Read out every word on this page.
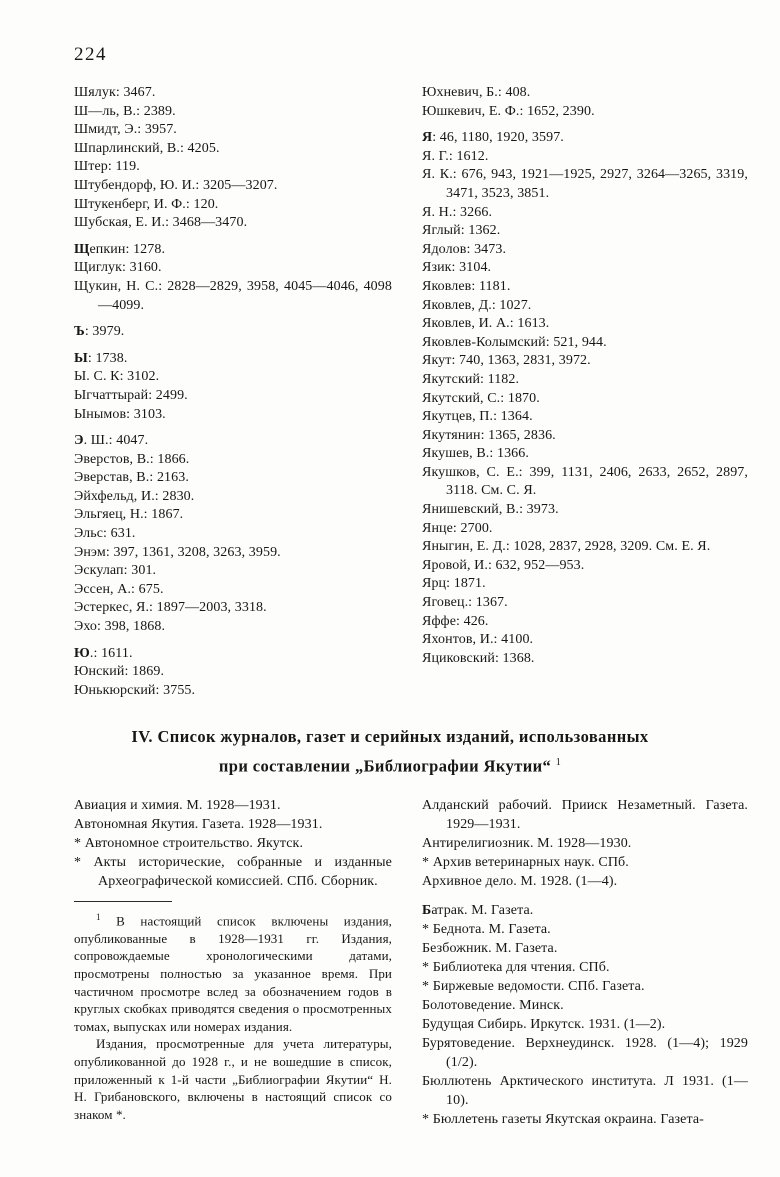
224
Шялук: 3467.
Ш—ль, В.: 2389.
Шмидт, Э.: 3957.
Шпарлинский, В.: 4205.
Штер: 119.
Штубендорф, Ю. И.: 3205—3207.
Штукенберг, И. Ф.: 120.
Шубская, Е. И.: 3468—3470.
Щепкин: 1278.
Щиглук: 3160.
Щукин, Н. С.: 2828—2829, 3958, 4045—4046, 4098—4099.
Ъ: 3979.
Ы: 1738.
Ы. С. К: 3102.
Ыгчаттырай: 2499.
Ынымов: 3103.
Э. Ш.: 4047.
Эверстов, В.: 1866.
Эверстав, В.: 2163.
Эйхфельд, И.: 2830.
Эльгяец, Н.: 1867.
Эльс: 631.
Энэм: 397, 1361, 3208, 3263, 3959.
Эскулап: 301.
Эссен, А.: 675.
Эстеркес, Я.: 1897—2003, 3318.
Эхо: 398, 1868.
Ю.: 1611.
Юнский: 1869.
Юнькюрский: 3755.
Юхневич, Б.: 408.
Юшкевич, Е. Ф.: 1652, 2390.
Я: 46, 1180, 1920, 3597.
Я. Г.: 1612.
Я. К.: 676, 943, 1921—1925, 2927, 3264—3265, 3319, 3471, 3523, 3851.
Я. Н.: 3266.
Яглый: 1362.
Ядолов: 3473.
Язик: 3104.
Яковлев: 1181.
Яковлев, Д.: 1027.
Яковлев, И. А.: 1613.
Яковлев-Колымский: 521, 944.
Якут: 740, 1363, 2831, 3972.
Якутский: 1182.
Якутский, С.: 1870.
Якутцев, П.: 1364.
Якутянин: 1365, 2836.
Якушев, В.: 1366.
Якушков, С. Е.: 399, 1131, 2406, 2633, 2652, 2897, 3118. См. С. Я.
Янишевский, В.: 3973.
Янце: 2700.
Яныгин, Е. Д.: 1028, 2837, 2928, 3209. См. Е. Я.
Яровой, И.: 632, 952—953.
Ярц: 1871.
Яговец.: 1367.
Яффе: 426.
Яхонтов, И.: 4100.
Яциковский: 1368.
IV. Список журналов, газет и серийных изданий, использованных
при составлении „Библиографии Якутии“ $^1$
Авиация и химия. М. 1928—1931.
Автономная Якутия. Газета. 1928—1931.
* Автономное строительство. Якутск.
* Акты исторические, собранные и изданные Археографической комиссией. СПб. Сборник.

$^1$ В настоящий список включены издания, опубликованные в 1928—1931 гг. Издания, сопровождаемые хронологическими датами, просмотрены полностью за указанное время. При частичном просмотре вслед за обозначением годов в круглых скобках приводятся сведения о просмотренных томах, выпусках или номерах издания.

Издания, просмотренные для учета литературы, опубликованной до 1928 г., и не вошедшие в список, приложенный к 1-й части „Библиографии Якутии“ Н. Н. Грибановского, включены в настоящий список со знаком *.

Алданский рабочий. Прииск Незаметный. Газета. 1929—1931.
Антирелигиозник. М. 1928—1930.
* Архив ветеринарных наук. СПб.
Архивное дело. М. 1928. (1—4).
Батрак. М. Газета.
* Беднота. М. Газета.
Безбожник. М. Газета.
* Библиотека для чтения. СПб.
* Биржевые ведомости. СПб. Газета.
Болотоведение. Минск.
Будущая Сибирь. Иркутск. 1931. (1—2).
Бурятоведение. Верхнеудинск. 1928. (1—4); 1929 (1/2).
Бюллютень Арктического института. Л 1931. (1—10).
* Бюллетень газеты Якутская окраина. Газета-
